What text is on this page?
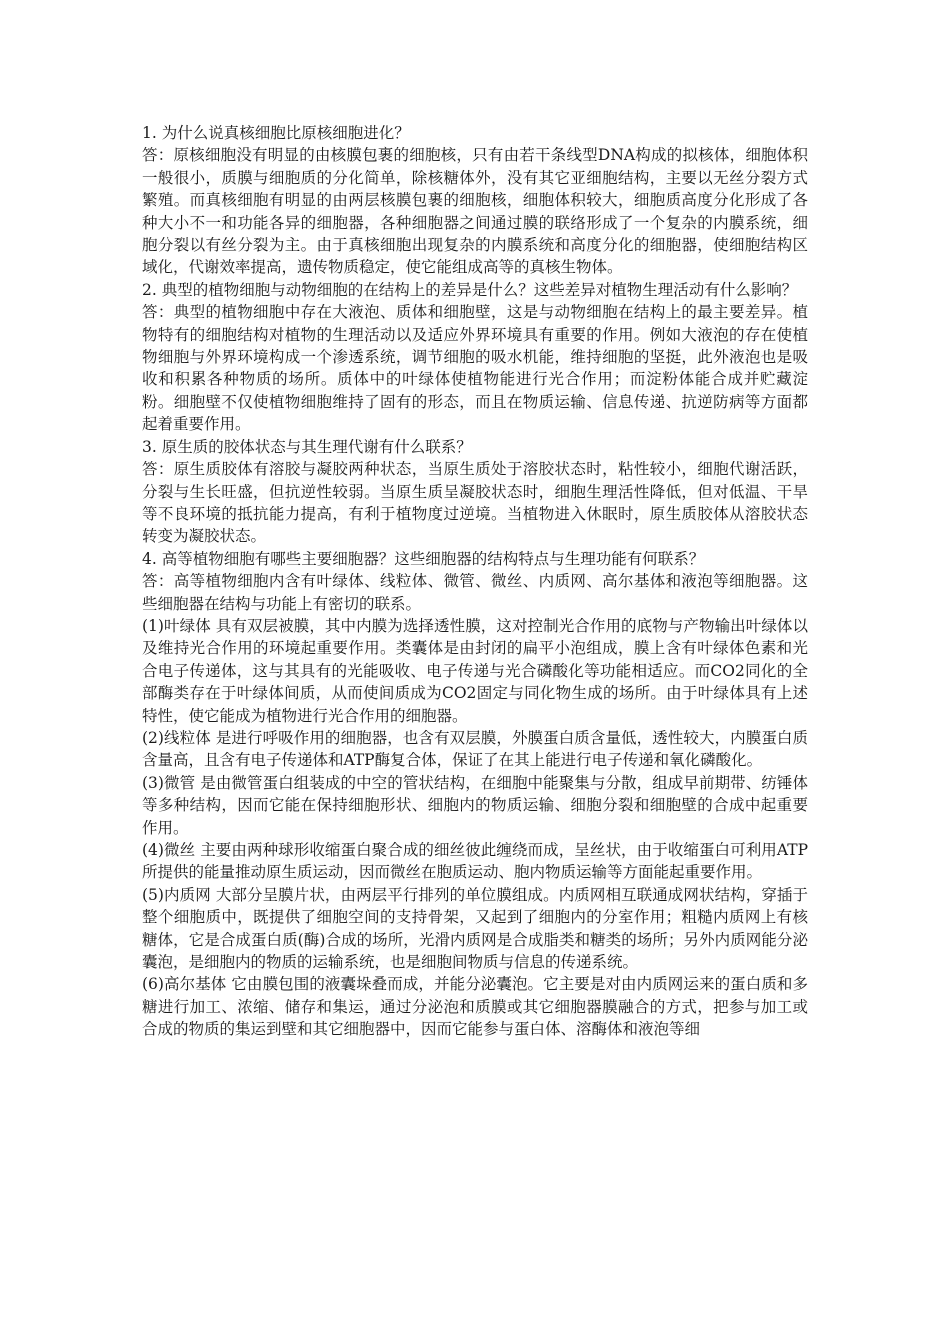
1. 为什么说真核细胞比原核细胞进化？

答：原核细胞没有明显的由核膜包裹的细胞核，只有由若干条线型DNA构成的拟核体，细胞体积一般很小，质膜与细胞质的分化简单，除核糖体外，没有其它亚细胞结构，主要以无丝分裂方式繁殖。而真核细胞有明显的由两层核膜包裹的细胞核，细胞体积较大，细胞质高度分化形成了各种大小不一和功能各异的细胞器，各种细胞器之间通过膜的联络形成了一个复杂的内膜系统，细胞分裂以有丝分裂为主。由于真核细胞出现复杂的内膜系统和高度分化的细胞器，使细胞结构区域化，代谢效率提高，遗传物质稳定，使它能组成高等的真核生物体。

2. 典型的植物细胞与动物细胞的在结构上的差异是什么？这些差异对植物生理活动有什么影响？

答：典型的植物细胞中存在大液泡、质体和细胞壁，这是与动物细胞在结构上的最主要差异。植物特有的细胞结构对植物的生理活动以及适应外界环境具有重要的作用。例如大液泡的存在使植物细胞与外界环境构成一个渗透系统，调节细胞的吸水机能，维持细胞的坚挺，此外液泡也是吸收和积累各种物质的场所。质体中的叶绿体使植物能进行光合作用；而淀粉体能合成并贮藏淀粉。细胞壁不仅使植物细胞维持了固有的形态，而且在物质运输、信息传递、抗逆防病等方面都起着重要作用。

3. 原生质的胶体状态与其生理代谢有什么联系？

答：原生质胶体有溶胶与凝胶两种状态，当原生质处于溶胶状态时，粘性较小，细胞代谢活跃，分裂与生长旺盛，但抗逆性较弱。当原生质呈凝胶状态时，细胞生理活性降低，但对低温、干旱等不良环境的抵抗能力提高，有利于植物度过逆境。当植物进入休眠时，原生质胶体从溶胶状态转变为凝胶状态。

4. 高等植物细胞有哪些主要细胞器？这些细胞器的结构特点与生理功能有何联系？

答：高等植物细胞内含有叶绿体、线粒体、微管、微丝、内质网、高尔基体和液泡等细胞器。这些细胞器在结构与功能上有密切的联系。

(1)叶绿体 具有双层被膜，其中内膜为选择透性膜，这对控制光合作用的底物与产物输出叶绿体以及维持光合作用的环境起重要作用。类囊体是由封闭的扁平小泡组成，膜上含有叶绿体色素和光合电子传递体，这与其具有的光能吸收、电子传递与光合磷酸化等功能相适应。而CO2同化的全部酶类存在于叶绿体间质，从而使间质成为CO2固定与同化物生成的场所。由于叶绿体具有上述特性，使它能成为植物进行光合作用的细胞器。

(2)线粒体 是进行呼吸作用的细胞器，也含有双层膜，外膜蛋白质含量低，透性较大，内膜蛋白质含量高，且含有电子传递体和ATP酶复合体，保证了在其上能进行电子传递和氧化磷酸化。

(3)微管 是由微管蛋白组装成的中空的管状结构，在细胞中能聚集与分散，组成早前期带、纺锤体等多种结构，因而它能在保持细胞形状、细胞内的物质运输、细胞分裂和细胞壁的合成中起重要作用。

(4)微丝 主要由两种球形收缩蛋白聚合成的细丝彼此缠绕而成，呈丝状，由于收缩蛋白可利用ATP所提供的能量推动原生质运动，因而微丝在胞质运动、胞内物质运输等方面能起重要作用。

(5)内质网 大部分呈膜片状，由两层平行排列的单位膜组成。内质网相互联通成网状结构，穿插于整个细胞质中，既提供了细胞空间的支持骨架，又起到了细胞内的分室作用；粗糙内质网上有核糖体，它是合成蛋白质(酶)合成的场所，光滑内质网是合成脂类和糖类的场所；另外内质网能分泌囊泡，是细胞内的物质的运输系统，也是细胞间物质与信息的传递系统。

(6)高尔基体 它由膜包围的液囊垛叠而成，并能分泌囊泡。它主要是对由内质网运来的蛋白质和多糖进行加工、浓缩、储存和集运，通过分泌泡和质膜或其它细胞器膜融合的方式，把参与加工或合成的物质的集运到壁和其它细胞器中，因而它能参与蛋白体、溶酶体和液泡等细
